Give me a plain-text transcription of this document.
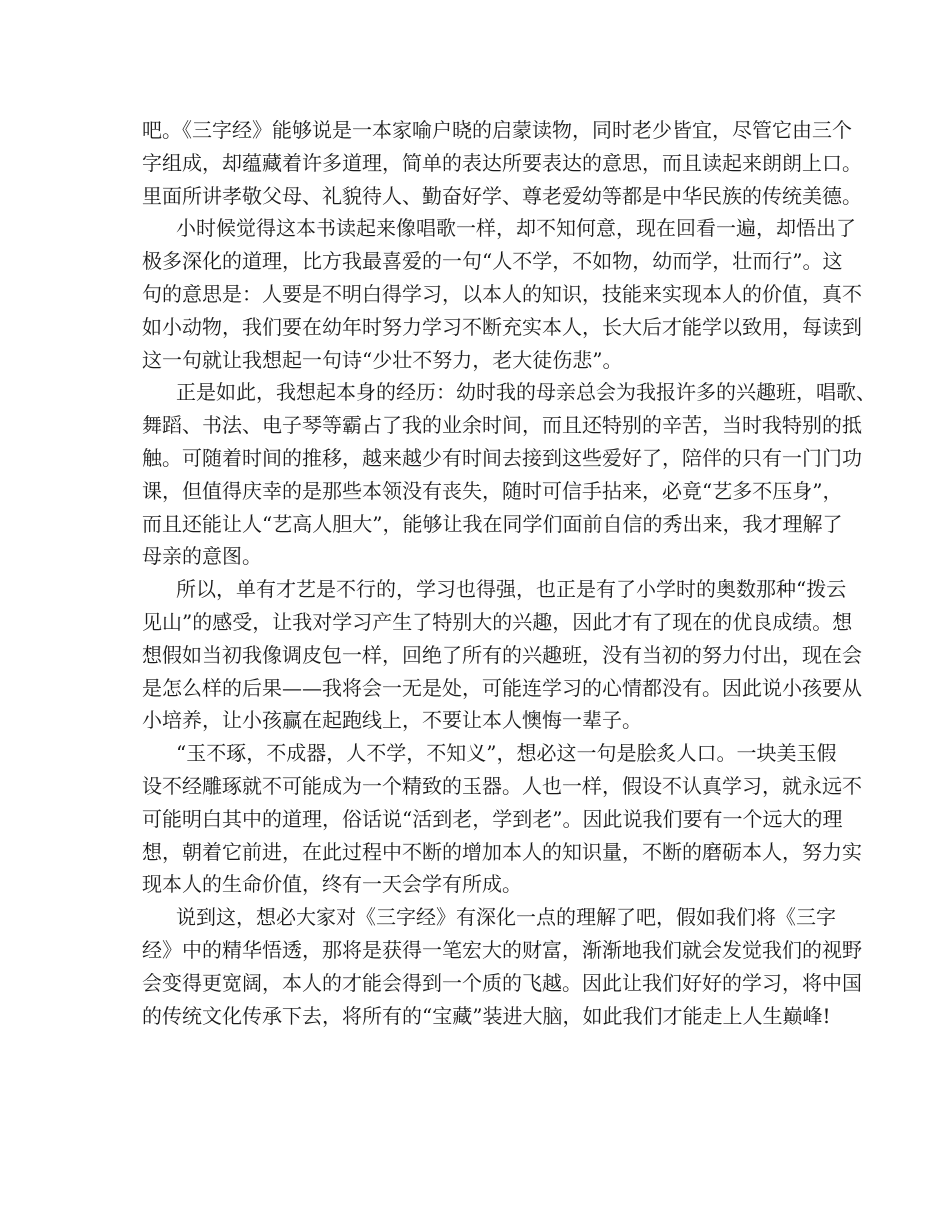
吧。《三字经》能够说是一本家喻户晓的启蒙读物，同时老少皆宜，尽管它由三个
字组成，却蕴藏着许多道理，简单的表达所要表达的意思，而且读起来朗朗上口。
里面所讲孝敬父母、礼貌待人、勤奋好学、尊老爱幼等都是中华民族的传统美德。
小时候觉得这本书读起来像唱歌一样，却不知何意，现在回看一遍，却悟出了
极多深化的道理，比方我最喜爱的一句“人不学，不如物，幼而学，壮而行”。这
句的意思是：人要是不明白得学习，以本人的知识，技能来实现本人的价值，真不
如小动物，我们要在幼年时努力学习不断充实本人，长大后才能学以致用，每读到
这一句就让我想起一句诗“少壮不努力，老大徒伤悲”。
正是如此，我想起本身的经历：幼时我的母亲总会为我报许多的兴趣班，唱歌、
舞蹈、书法、电子琴等霸占了我的业余时间，而且还特别的辛苦，当时我特别的抵
触。可随着时间的推移，越来越少有时间去接到这些爱好了，陪伴的只有一门门功
课，但值得庆幸的是那些本领没有丧失，随时可信手拈来，必竟“艺多不压身”，
而且还能让人“艺高人胆大”，能够让我在同学们面前自信的秀出来，我才理解了
母亲的意图。
所以，单有才艺是不行的，学习也得强，也正是有了小学时的奥数那种“拨云
见山”的感受，让我对学习产生了特别大的兴趣，因此才有了现在的优良成绩。想
想假如当初我像调皮包一样，回绝了所有的兴趣班，没有当初的努力付出，现在会
是怎么样的后果——我将会一无是处，可能连学习的心情都没有。因此说小孩要从
小培养，让小孩赢在起跑线上，不要让本人懊悔一辈子。
“玉不琢，不成器，人不学，不知义”，想必这一句是脍炙人口。一块美玉假
设不经雕琢就不可能成为一个精致的玉器。人也一样，假设不认真学习，就永远不
可能明白其中的道理，俗话说“活到老，学到老”。因此说我们要有一个远大的理
想，朝着它前进，在此过程中不断的增加本人的知识量，不断的磨砺本人，努力实
现本人的生命价值，终有一天会学有所成。
说到这，想必大家对《三字经》有深化一点的理解了吧，假如我们将《三字
经》中的精华悟透，那将是获得一笔宏大的财富，渐渐地我们就会发觉我们的视野
会变得更宽阔，本人的才能会得到一个质的飞越。因此让我们好好的学习，将中国
的传统文化传承下去，将所有的“宝藏”装进大脑，如此我们才能走上人生巅峰!
